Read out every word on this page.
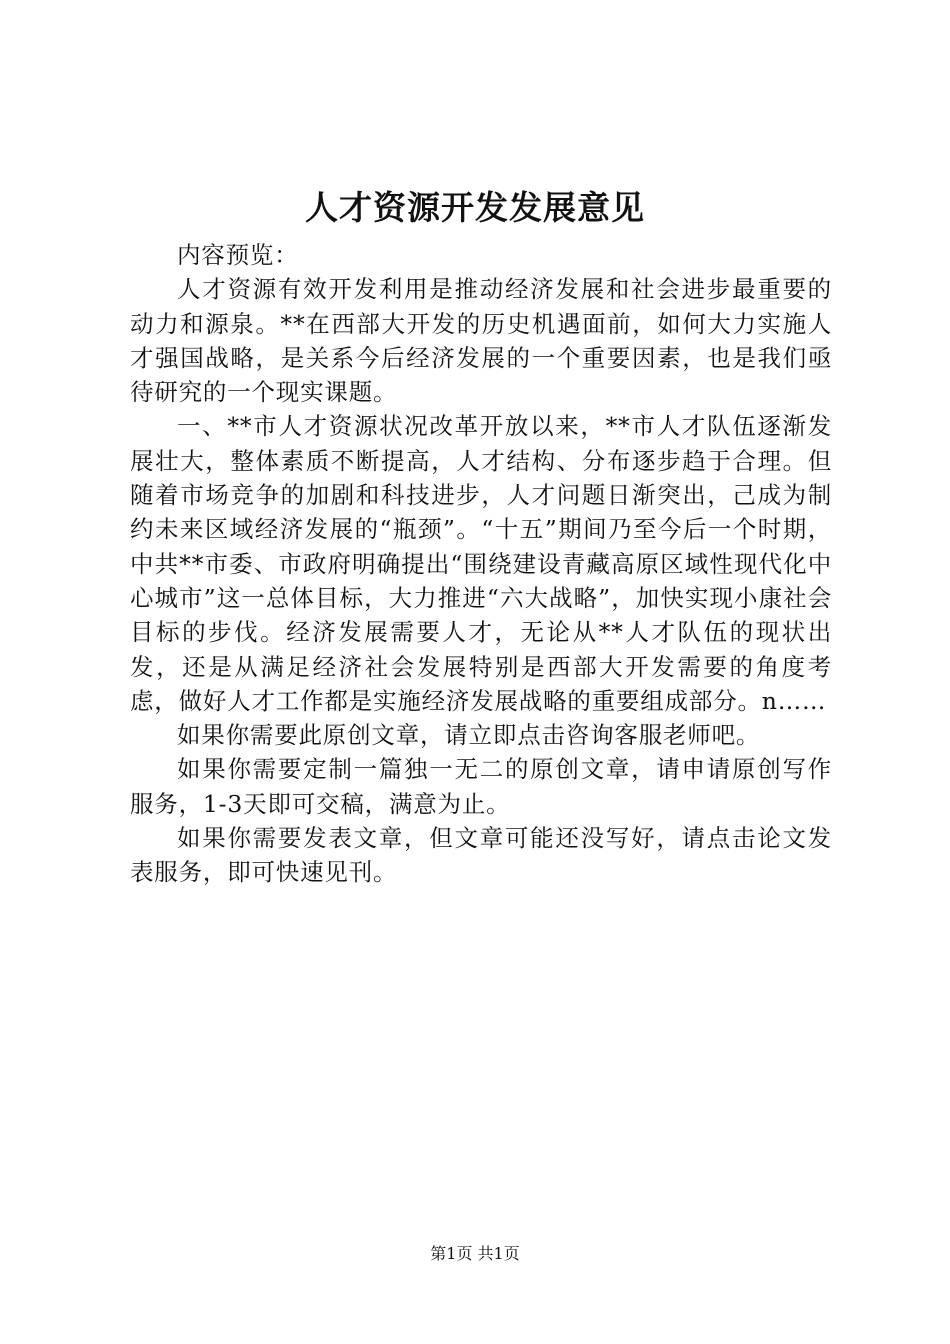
人才资源开发发展意见

内容预览：

人才资源有效开发利用是推动经济发展和社会进步最重要的动力和源泉。**在西部大开发的历史机遇面前，如何大力实施人才强国战略，是关系今后经济发展的一个重要因素，也是我们亟待研究的一个现实课题。

一、**市人才资源状况改革开放以来，**市人才队伍逐渐发展壮大，整体素质不断提高，人才结构、分布逐步趋于合理。但随着市场竞争的加剧和科技进步，人才问题日渐突出，己成为制约未来区域经济发展的“瓶颈”。“十五”期间乃至今后一个时期，中共**市委、市政府明确提出“围绕建设青藏高原区域性现代化中心城市”这一总体目标，大力推进“六大战略”，加快实现小康社会目标的步伐。经济发展需要人才，无论从**人才队伍的现状出发，还是从满足经济社会发展特别是西部大开发需要的角度考虑，做好人才工作都是实施经济发展战略的重要组成部分。n……

如果你需要此原创文章，请立即点击咨询客服老师吧。

如果你需要定制一篇独一无二的原创文章，请申请原创写作服务，1-3天即可交稿，满意为止。

如果你需要发表文章，但文章可能还没写好，请点击论文发表服务，即可快速见刊。

第1页 共1页
